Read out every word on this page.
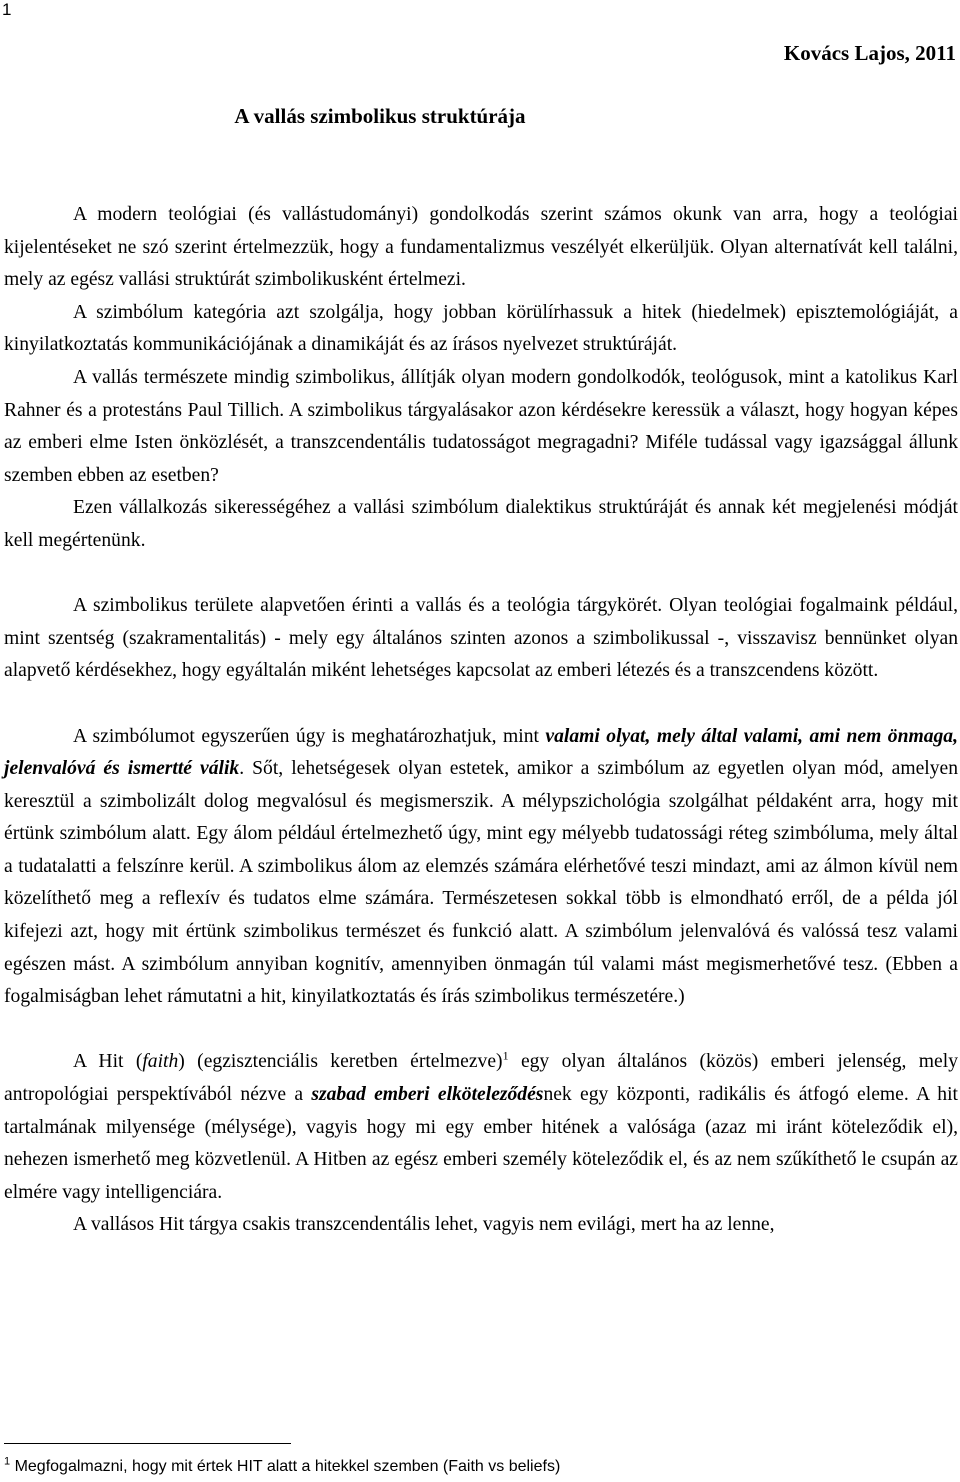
1
Kovács Lajos, 2011
A vallás szimbolikus struktúrája

A modern teológiai (és vallástudományi) gondolkodás szerint számos okunk van arra, hogy a teológiai kijelentéseket ne szó szerint értelmezzük, hogy a fundamentalizmus veszélyét elkerüljük. Olyan alternatívát kell találni, mely az egész vallási struktúrát szimbolikusként értelmezi.

A szimbólum kategória azt szolgálja, hogy jobban körülírhassuk a hitek (hiedelmek) episztemológiáját, a kinyilatkoztatás kommunikációjának a dinamikáját és az írásos nyelvezet struktúráját.

A vallás természete mindig szimbolikus, állítják olyan modern gondolkodók, teológusok, mint a katolikus Karl Rahner és a protestáns Paul Tillich. A szimbolikus tárgyalásakor azon kérdésekre keressük a választ, hogy hogyan képes az emberi elme Isten önközlését, a transzcendentális tudatosságot megragadni? Miféle tudással vagy igazsággal állunk szemben ebben az esetben?

Ezen vállalkozás sikerességéhez a vallási szimbólum dialektikus struktúráját és annak két megjelenési módját kell megértenünk.

A szimbolikus területe alapvetően érinti a vallás és a teológia tárgykörét. Olyan teológiai fogalmaink például, mint szentség (szakramentalitás) - mely egy általános szinten azonos a szimbolikussal -, visszavisz bennünket olyan alapvető kérdésekhez, hogy egyáltalán miként lehetséges kapcsolat az emberi létezés és a transzcendens között.

A szimbólumot egyszerűen úgy is meghatározhatjuk, mint valami olyat, mely által valami, ami nem önmaga, jelenvalóvá és ismertté válik. Sőt, lehetségesek olyan estetek, amikor a szimbólum az egyetlen olyan mód, amelyen keresztül a szimbolizált dolog megvalósul és megismerszik. A mélypszichológia szolgálhat példaként arra, hogy mit értünk szimbólum alatt. Egy álom például értelmezhető úgy, mint egy mélyebb tudatossági réteg szimbóluma, mely által a tudatalatti a felszínre kerül. A szimbolikus álom az elemzés számára elérhetővé teszi mindazt, ami az álmon kívül nem közelíthető meg a reflexív és tudatos elme számára. Természetesen sokkal több is elmondható erről, de a példa jól kifejezi azt, hogy mit értünk szimbolikus természet és funkció alatt. A szimbólum jelenvalóvá és valóssá tesz valami egészen mást. A szimbólum annyiban kognitív, amennyiben önmagán túl valami mást megismerhetővé tesz. (Ebben a fogalmiságban lehet rámutatni a hit, kinyilatkoztatás és írás szimbolikus természetére.)

A Hit (faith) (egzisztenciális keretben értelmezve)$^1$ egy olyan általános (közös) emberi jelenség, mely antropológiai perspektívából nézve a szabad emberi elköteleződésnek egy központi, radikális és átfogó eleme. A hit tartalmának milyensége (mélysége), vagyis hogy mi egy ember hitének a valósága (azaz mi iránt köteleződik el), nehezen ismerhető meg közvetlenül. A Hitben az egész emberi személy köteleződik el, és az nem szűkíthető le csupán az elmére vagy intelligenciára.

A vallásos Hit tárgya csakis transzcendentális lehet, vagyis nem evilági, mert ha az lenne,

$^1$ Megfogalmazni, hogy mit értek HIT alatt a hitekkel szemben (Faith vs beliefs)
